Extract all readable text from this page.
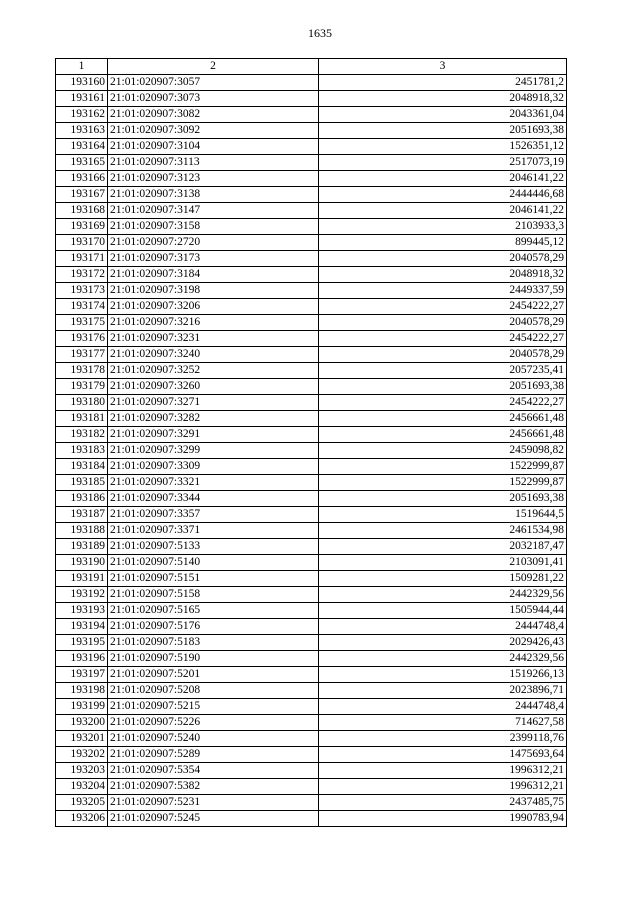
1635
1	2	3
193160	21:01:020907:3057	2451781,2
193161	21:01:020907:3073	2048918,32
193162	21:01:020907:3082	2043361,04
193163	21:01:020907:3092	2051693,38
193164	21:01:020907:3104	1526351,12
193165	21:01:020907:3113	2517073,19
193166	21:01:020907:3123	2046141,22
193167	21:01:020907:3138	2444446,68
193168	21:01:020907:3147	2046141,22
193169	21:01:020907:3158	2103933,3
193170	21:01:020907:2720	899445,12
193171	21:01:020907:3173	2040578,29
193172	21:01:020907:3184	2048918,32
193173	21:01:020907:3198	2449337,59
193174	21:01:020907:3206	2454222,27
193175	21:01:020907:3216	2040578,29
193176	21:01:020907:3231	2454222,27
193177	21:01:020907:3240	2040578,29
193178	21:01:020907:3252	2057235,41
193179	21:01:020907:3260	2051693,38
193180	21:01:020907:3271	2454222,27
193181	21:01:020907:3282	2456661,48
193182	21:01:020907:3291	2456661,48
193183	21:01:020907:3299	2459098,82
193184	21:01:020907:3309	1522999,87
193185	21:01:020907:3321	1522999,87
193186	21:01:020907:3344	2051693,38
193187	21:01:020907:3357	1519644,5
193188	21:01:020907:3371	2461534,98
193189	21:01:020907:5133	2032187,47
193190	21:01:020907:5140	2103091,41
193191	21:01:020907:5151	1509281,22
193192	21:01:020907:5158	2442329,56
193193	21:01:020907:5165	1505944,44
193194	21:01:020907:5176	2444748,4
193195	21:01:020907:5183	2029426,43
193196	21:01:020907:5190	2442329,56
193197	21:01:020907:5201	1519266,13
193198	21:01:020907:5208	2023896,71
193199	21:01:020907:5215	2444748,4
193200	21:01:020907:5226	714627,58
193201	21:01:020907:5240	2399118,76
193202	21:01:020907:5289	1475693,64
193203	21:01:020907:5354	1996312,21
193204	21:01:020907:5382	1996312,21
193205	21:01:020907:5231	2437485,75
193206	21:01:020907:5245	1990783,94
